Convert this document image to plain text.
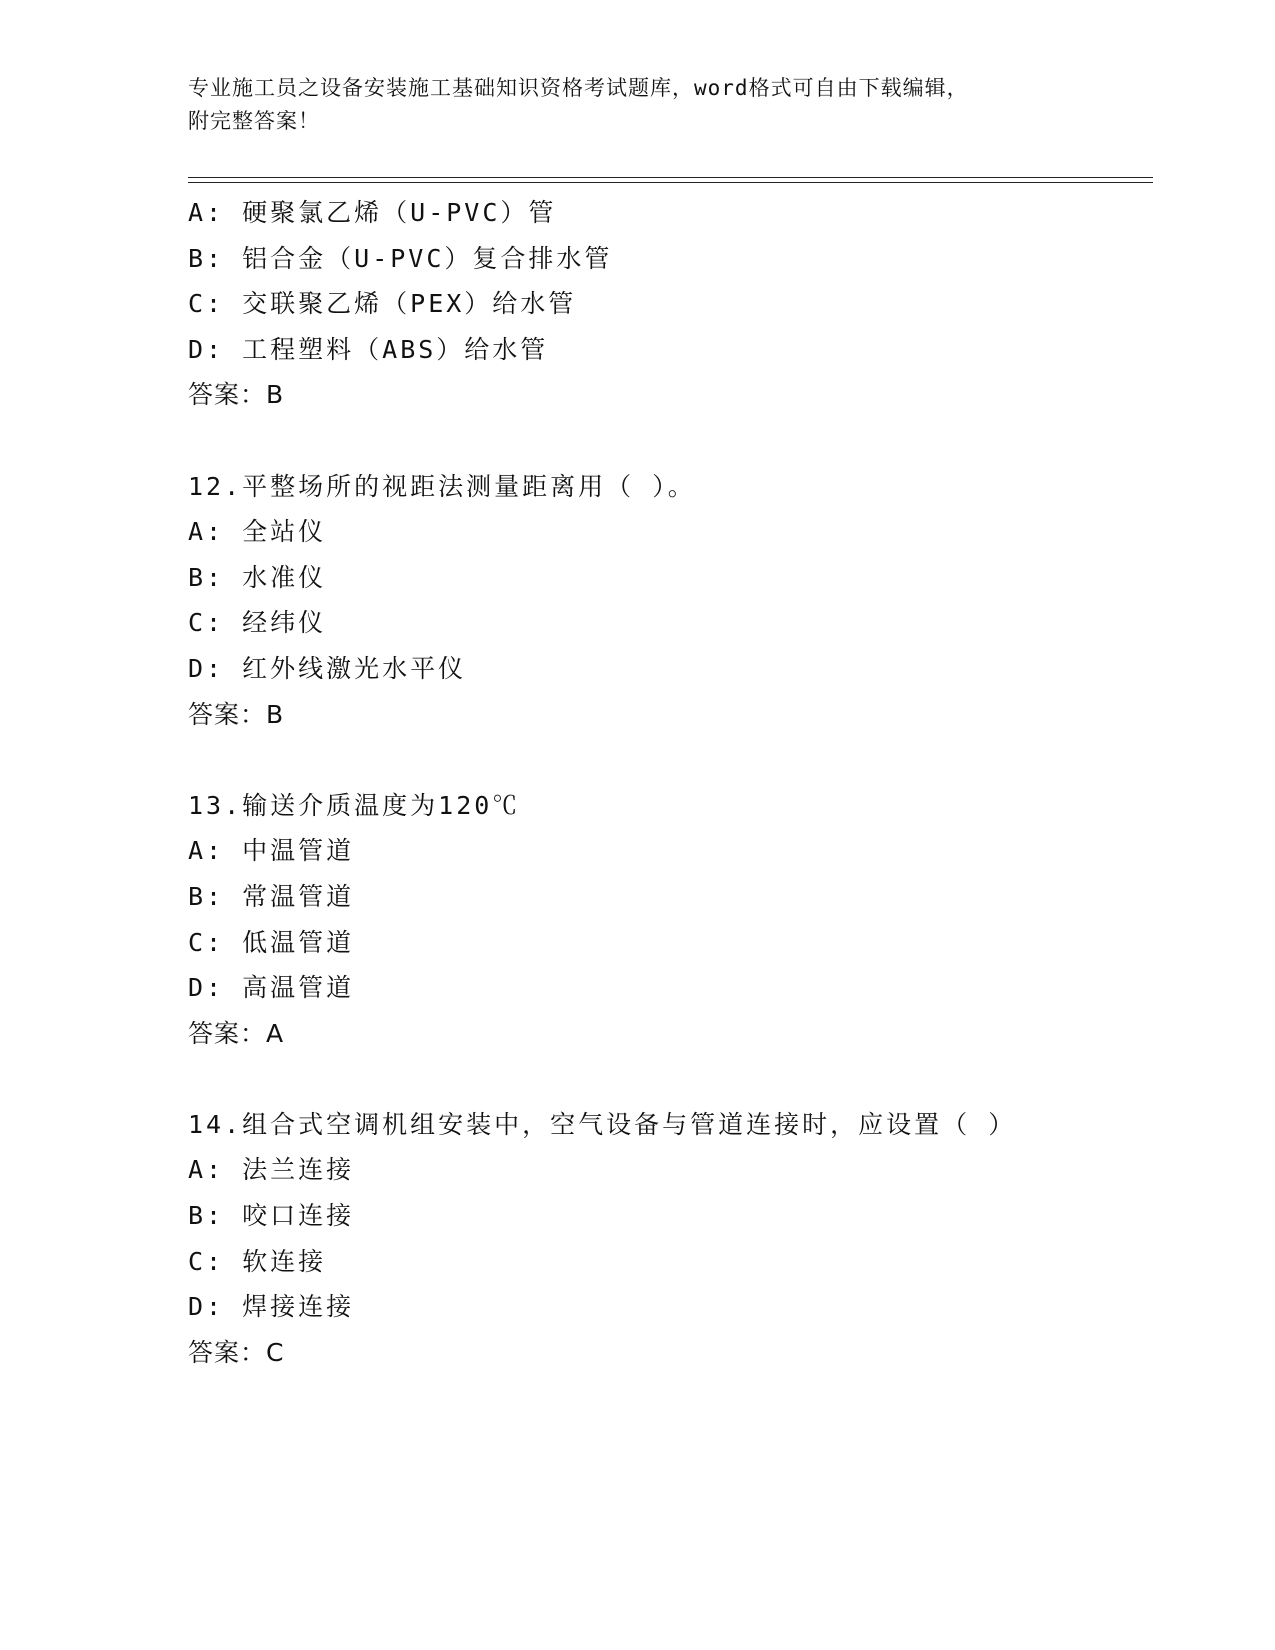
专业施工员之设备安装施工基础知识资格考试题库，word格式可自由下载编辑，
附完整答案！
A: 硬聚氯乙烯（U-PVC）管
B: 铝合金（U-PVC）复合排水管
C: 交联聚乙烯（PEX）给水管
D: 工程塑料（ABS）给水管
答案：B
12.平整场所的视距法测量距离用（ ）。
A: 全站仪
B: 水准仪
C: 经纬仪
D: 红外线激光水平仪
答案：B
13.输送介质温度为120℃
A: 中温管道
B: 常温管道
C: 低温管道
D: 高温管道
答案：A
14.组合式空调机组安装中，空气设备与管道连接时，应设置（ ）
A: 法兰连接
B: 咬口连接
C: 软连接
D: 焊接连接
答案：C
